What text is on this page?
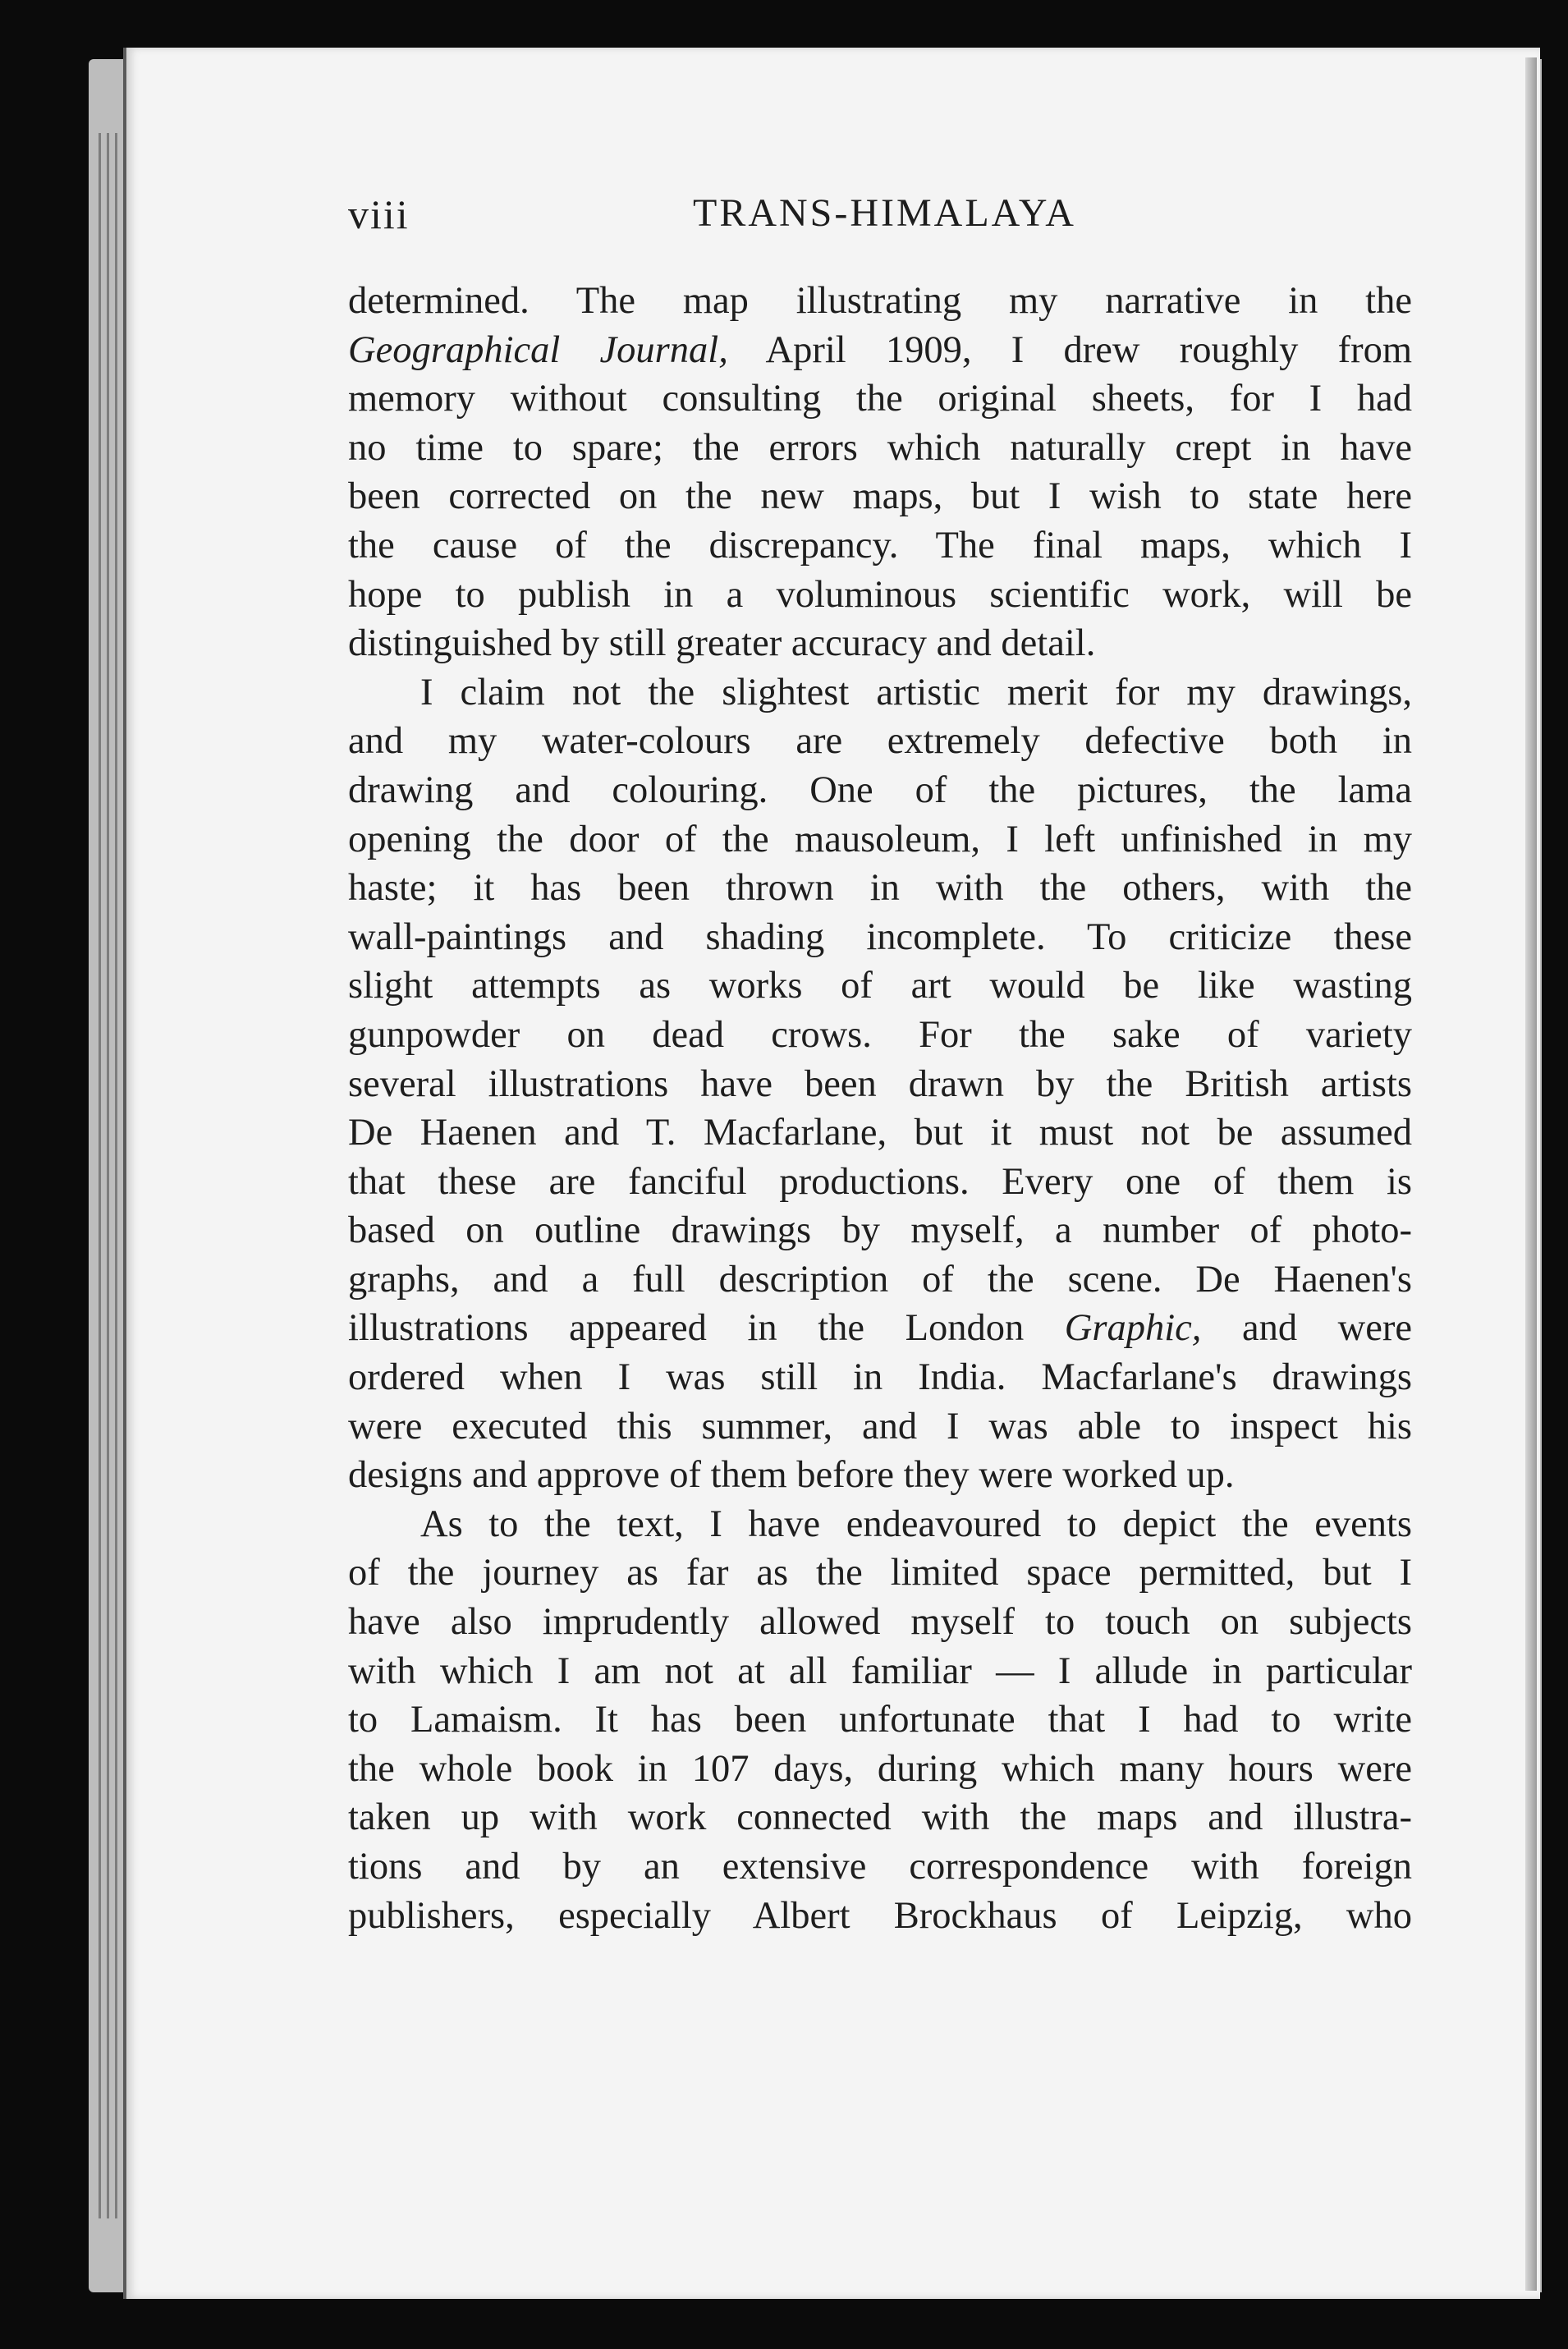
viii	TRANS-HIMALAYA
determined. The map illustrating my narrative in the
Geographical Journal, April 1909, I drew roughly from
memory without consulting the original sheets, for I had
no time to spare; the errors which naturally crept in have
been corrected on the new maps, but I wish to state here
the cause of the discrepancy. The final maps, which I
hope to publish in a voluminous scientific work, will be
distinguished by still greater accuracy and detail.
I claim not the slightest artistic merit for my drawings,
and my water-colours are extremely defective both in
drawing and colouring. One of the pictures, the lama
opening the door of the mausoleum, I left unfinished in my
haste; it has been thrown in with the others, with the
wall-paintings and shading incomplete. To criticize these
slight attempts as works of art would be like wasting
gunpowder on dead crows. For the sake of variety
several illustrations have been drawn by the British artists
De Haenen and T. Macfarlane, but it must not be assumed
that these are fanciful productions. Every one of them is
based on outline drawings by myself, a number of photo-
graphs, and a full description of the scene. De Haenen's
illustrations appeared in the London Graphic, and were
ordered when I was still in India. Macfarlane's drawings
were executed this summer, and I was able to inspect his
designs and approve of them before they were worked up.
As to the text, I have endeavoured to depict the events
of the journey as far as the limited space permitted, but I
have also imprudently allowed myself to touch on subjects
with which I am not at all familiar — I allude in particular
to Lamaism. It has been unfortunate that I had to write
the whole book in 107 days, during which many hours were
taken up with work connected with the maps and illustra-
tions and by an extensive correspondence with foreign
publishers, especially Albert Brockhaus of Leipzig, who
